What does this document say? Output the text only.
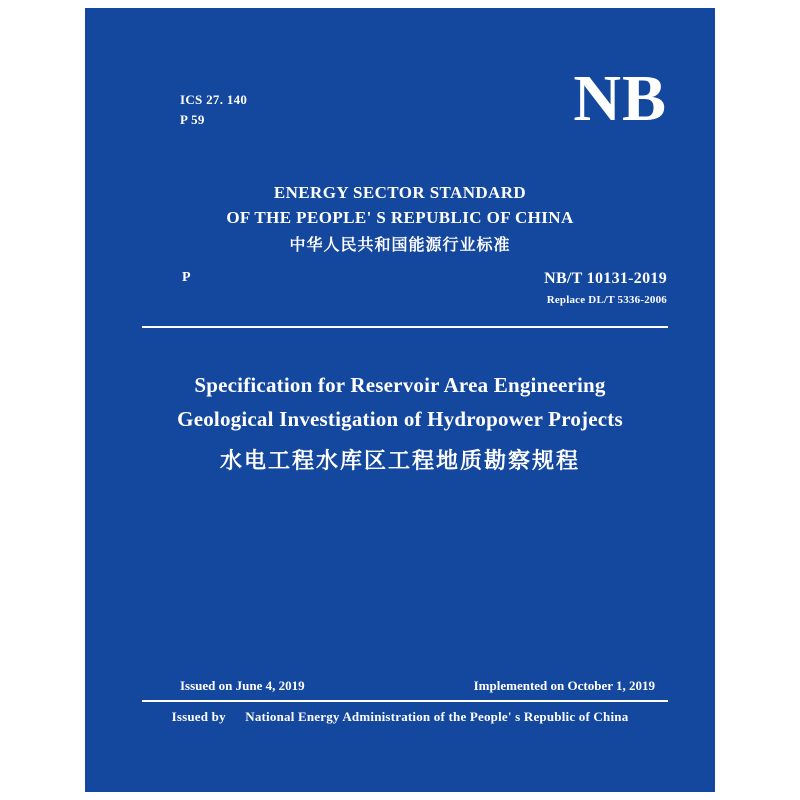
ICS 27. 140
P 59	NB
ENERGY SECTOR STANDARD
OF THE PEOPLE' S REPUBLIC OF CHINA
中华人民共和国能源行业标准
P	NB/T 10131-2019
Replace DL/T 5336-2006
Specification for Reservoir Area Engineering
Geological Investigation of Hydropower Projects
水电工程水库区工程地质勘察规程
Issued on June 4, 2019	Implemented on October 1, 2019
Issued by National Energy Administration of the People' s Republic of China
